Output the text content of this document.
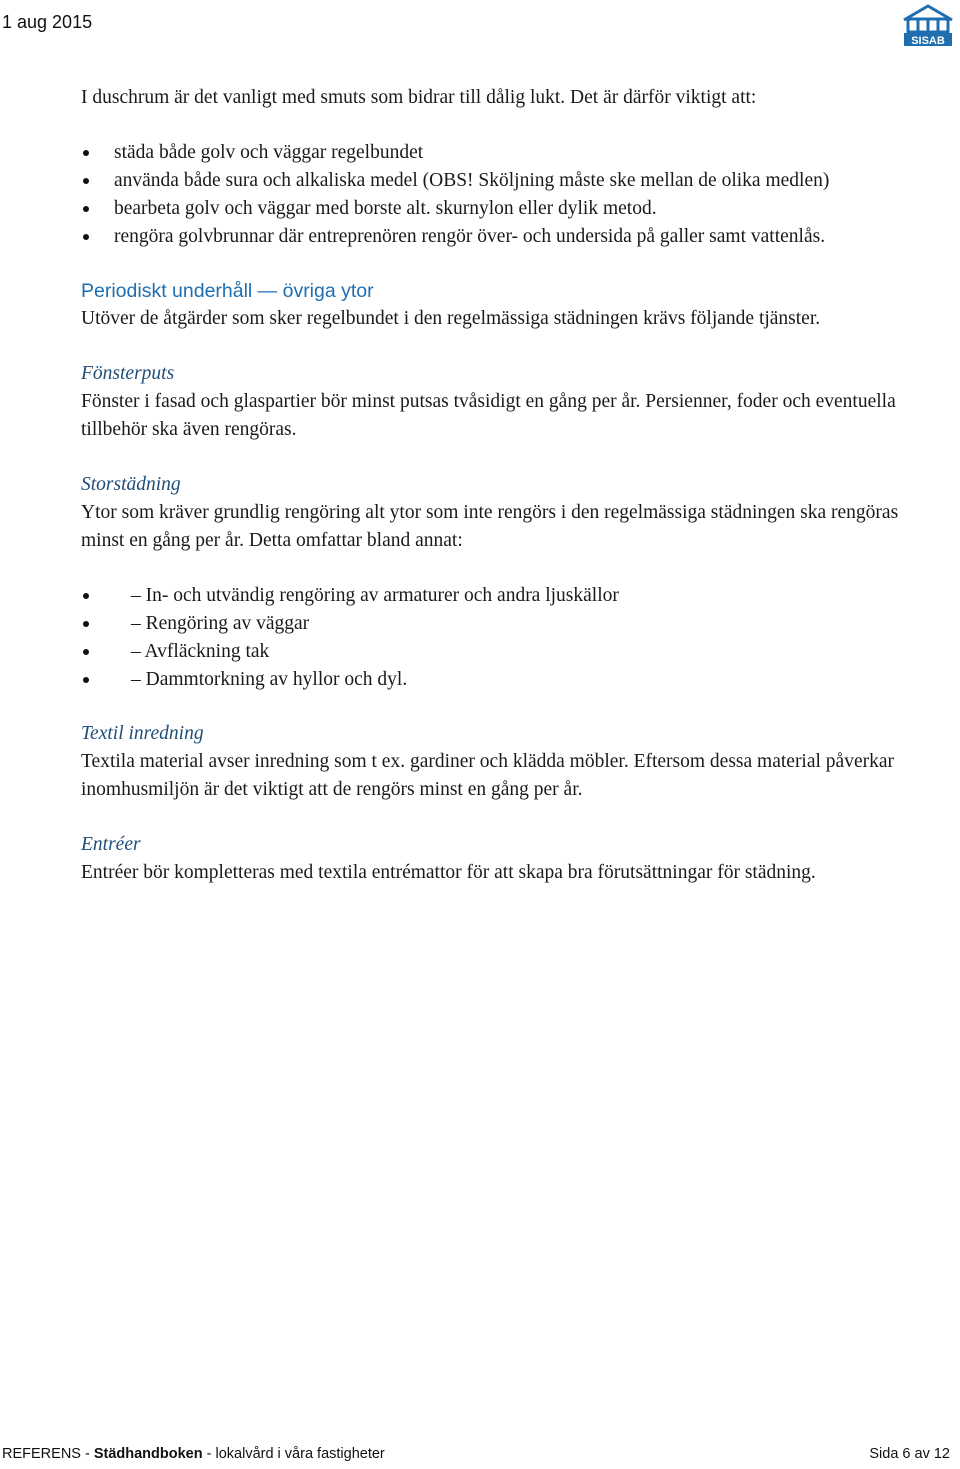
1 aug 2015
SISAB

I duschrum är det vanligt med smuts som bidrar till dålig lukt. Det är därför viktigt att:

städa både golv och väggar regelbundet
använda både sura och alkaliska medel (OBS! Sköljning måste ske mellan de olika medlen)
bearbeta golv och väggar med borste alt. skurnylon eller dylik metod.
rengöra golvbrunnar där entreprenören rengör över- och undersida på galler samt vattenlås.

Periodiskt underhåll — övriga ytor

Utöver de åtgärder som sker regelbundet i den regelmässiga städningen krävs följande tjänster.

Fönsterputs

Fönster i fasad och glaspartier bör minst putsas tvåsidigt en gång per år. Persienner, foder och eventuella tillbehör ska även rengöras.

Storstädning

Ytor som kräver grundlig rengöring alt ytor som inte rengörs i den regelmässiga städningen ska rengöras minst en gång per år. Detta omfattar bland annat:

– In- och utvändig rengöring av armaturer och andra ljuskällor
– Rengöring av väggar
– Avfläckning tak
– Dammtorkning av hyllor och dyl.

Textil inredning

Textila material avser inredning som t ex. gardiner och klädda möbler. Eftersom dessa material påverkar inomhusmiljön är det viktigt att de rengörs minst en gång per år.

Entréer

Entréer bör kompletteras med textila entrémattor för att skapa bra förutsättningar för städning.

REFERENS - Städhandboken - lokalvård i våra fastigheter	Sida 6 av 12
